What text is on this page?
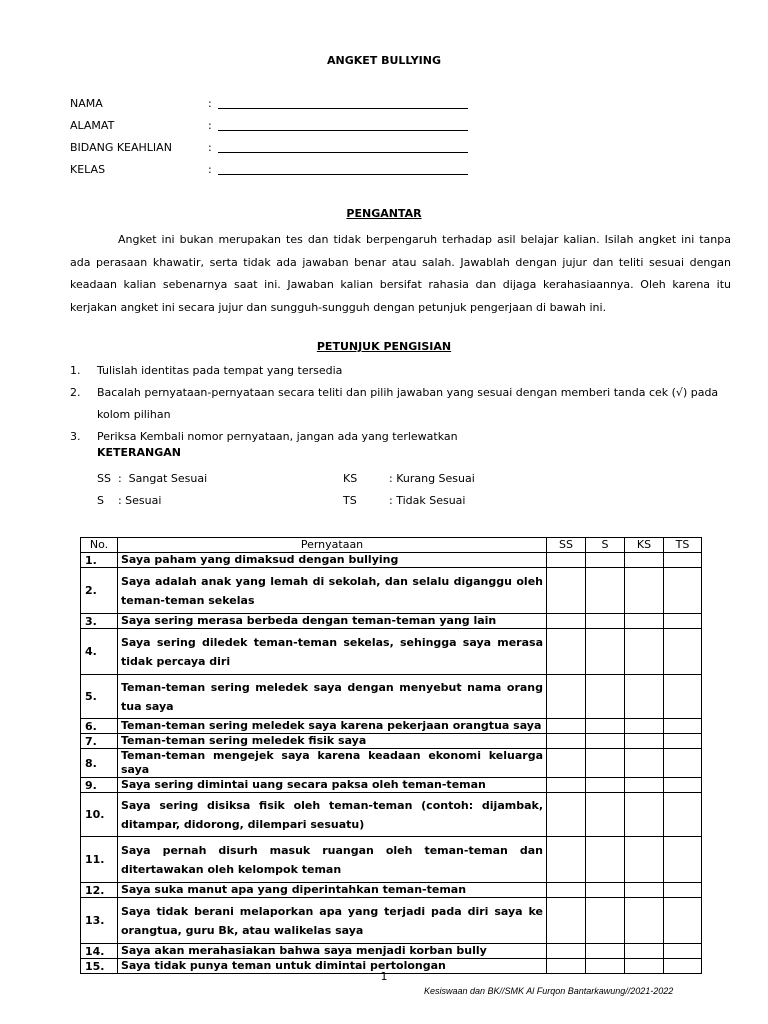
ANGKET BULLYING
NAMA	:
ALAMAT	:
BIDANG KEAHLIAN	:
KELAS	:
PENGANTAR
Angket ini bukan merupakan tes dan tidak berpengaruh terhadap asil belajar kalian. Isilah angket ini tanpa ada perasaan khawatir, serta tidak ada jawaban benar atau salah. Jawablah dengan jujur dan teliti sesuai dengan keadaan kalian sebenarnya saat ini. Jawaban kalian bersifat rahasia dan dijaga kerahasiaannya. Oleh karena itu kerjakan angket ini secara jujur dan sungguh-sungguh dengan petunjuk pengerjaan di bawah ini.
PETUNJUK PENGISIAN
1. Tulislah identitas pada tempat yang tersedia
2. Bacalah pernyataan-pernyataan secara teliti dan pilih jawaban yang sesuai dengan memberi tanda cek (√) pada kolom pilihan
3. Periksa Kembali nomor pernyataan, jangan ada yang terlewatkan
KETERANGAN
SS  :  Sangat Sesuai
S    : Sesuai
KS	: Kurang Sesuai
TS	: Tidak Sesuai
No.	Pernyataan	SS	S	KS	TS
1.	Saya paham yang dimaksud dengan bullying				
2.	Saya adalah anak yang lemah di sekolah, dan selalu diganggu oleh teman-teman sekelas				
3.	Saya sering merasa berbeda dengan teman-teman yang lain				
4.	Saya sering diledek teman-teman sekelas, sehingga saya merasa tidak percaya diri				
5.	Teman-teman sering meledek saya dengan menyebut nama orang tua saya				
6.	Teman-teman sering meledek saya karena pekerjaan orangtua saya				
7.	Teman-teman sering meledek fisik saya				
8.	Teman-teman mengejek saya karena keadaan ekonomi keluarga saya				
9.	Saya sering dimintai uang secara paksa oleh teman-teman				
10.	Saya sering disiksa fisik oleh teman-teman (contoh: dijambak, ditampar, didorong, dilempari sesuatu)				
11.	Saya pernah disurh masuk ruangan oleh teman-teman dan ditertawakan oleh kelompok teman				
12.	Saya suka manut apa yang diperintahkan teman-teman				
13.	Saya tidak berani melaporkan apa yang terjadi pada diri saya ke orangtua, guru Bk, atau walikelas saya				
14.	Saya akan merahasiakan bahwa saya menjadi korban bully				
15.	Saya tidak punya teman untuk dimintai pertolongan				
1
Kesiswaan dan BK//SMK Al Furqon Bantarkawung//2021-2022
